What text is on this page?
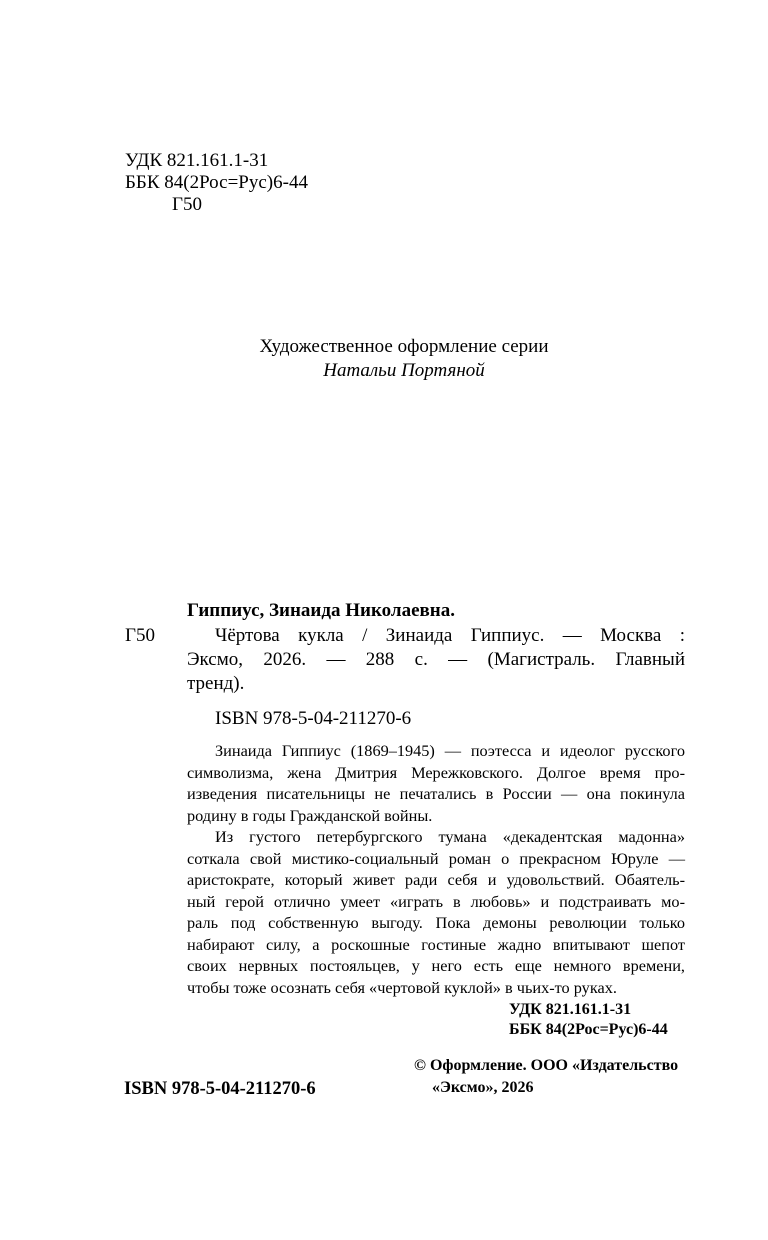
УДК 821.161.1-31
ББК 84(2Рос=Рус)6-44
Г50
Художественное оформление серии
Натальи Портяной
Гиппиус, Зинаида Николаевна.
Г50	Чёртова кукла / Зинаида Гиппиус. — Москва :
Эксмо, 2026. — 288 с. — (Магистраль. Главный
тренд).
ISBN 978-5-04-211270-6
Зинаида Гиппиус (1869–1945) — поэтесса и идеолог русского
символизма, жена Дмитрия Мережковского. Долгое время про-
изведения писательницы не печатались в России — она покинула
родину в годы Гражданской войны.
Из густого петербургского тумана «декадентская мадонна»
соткала свой мистико-социальный роман о прекрасном Юруле —
аристократе, который живет ради себя и удовольствий. Обаятель-
ный герой отлично умеет «играть в любовь» и подстраивать мо-
раль под собственную выгоду. Пока демоны революции только
набирают силу, а роскошные гостиные жадно впитывают шепот
своих нервных постояльцев, у него есть еще немного времени,
чтобы тоже осознать себя «чертовой куклой» в чьих-то руках.
УДК 821.161.1-31
ББК 84(2Рос=Рус)6-44
ISBN 978-5-04-211270-6
© Оформление. ООО «Издательство
«Эксмо», 2026
